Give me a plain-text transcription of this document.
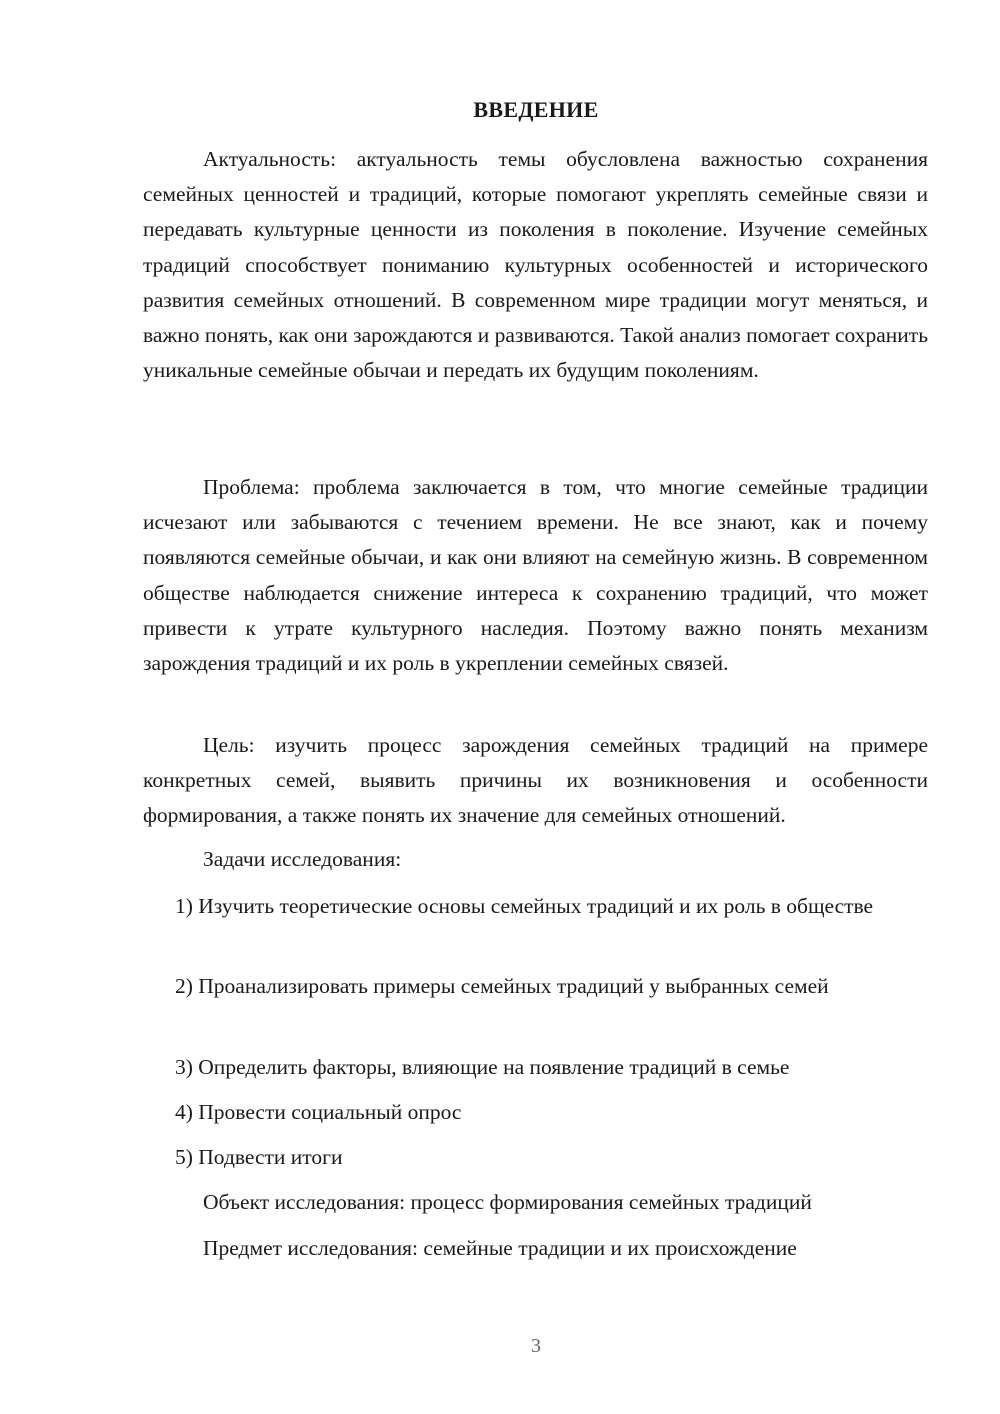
ВВЕДЕНИЕ

Актуальность: актуальность темы обусловлена важностью сохранения семейных ценностей и традиций, которые помогают укреплять семейные связи и передавать культурные ценности из поколения в поколение. Изучение семейных традиций способствует пониманию культурных особенностей и исторического развития семейных отношений. В современном мире традиции могут меняться, и важно понять, как они зарождаются и развиваются. Такой анализ помогает сохранить уникальные семейные обычаи и передать их будущим поколениям.

Проблема: проблема заключается в том, что многие семейные традиции исчезают или забываются с течением времени. Не все знают, как и почему появляются семейные обычаи, и как они влияют на семейную жизнь. В современном обществе наблюдается снижение интереса к сохранению традиций, что может привести к утрате культурного наследия. Поэтому важно понять механизм зарождения традиций и их роль в укреплении семейных связей.

Цель: изучить процесс зарождения семейных традиций на примере конкретных семей, выявить причины их возникновения и особенности формирования, а также понять их значение для семейных отношений.

Задачи исследования:

1) Изучить теоретические основы семейных традиций и их роль в обществе

2) Проанализировать примеры семейных традиций у выбранных семей

3) Определить факторы, влияющие на появление традиций в семье
4) Провести социальный опрос
5) Подвести итоги
Объект исследования: процесс формирования семейных традиций
Предмет исследования: семейные традиции и их происхождение
3
